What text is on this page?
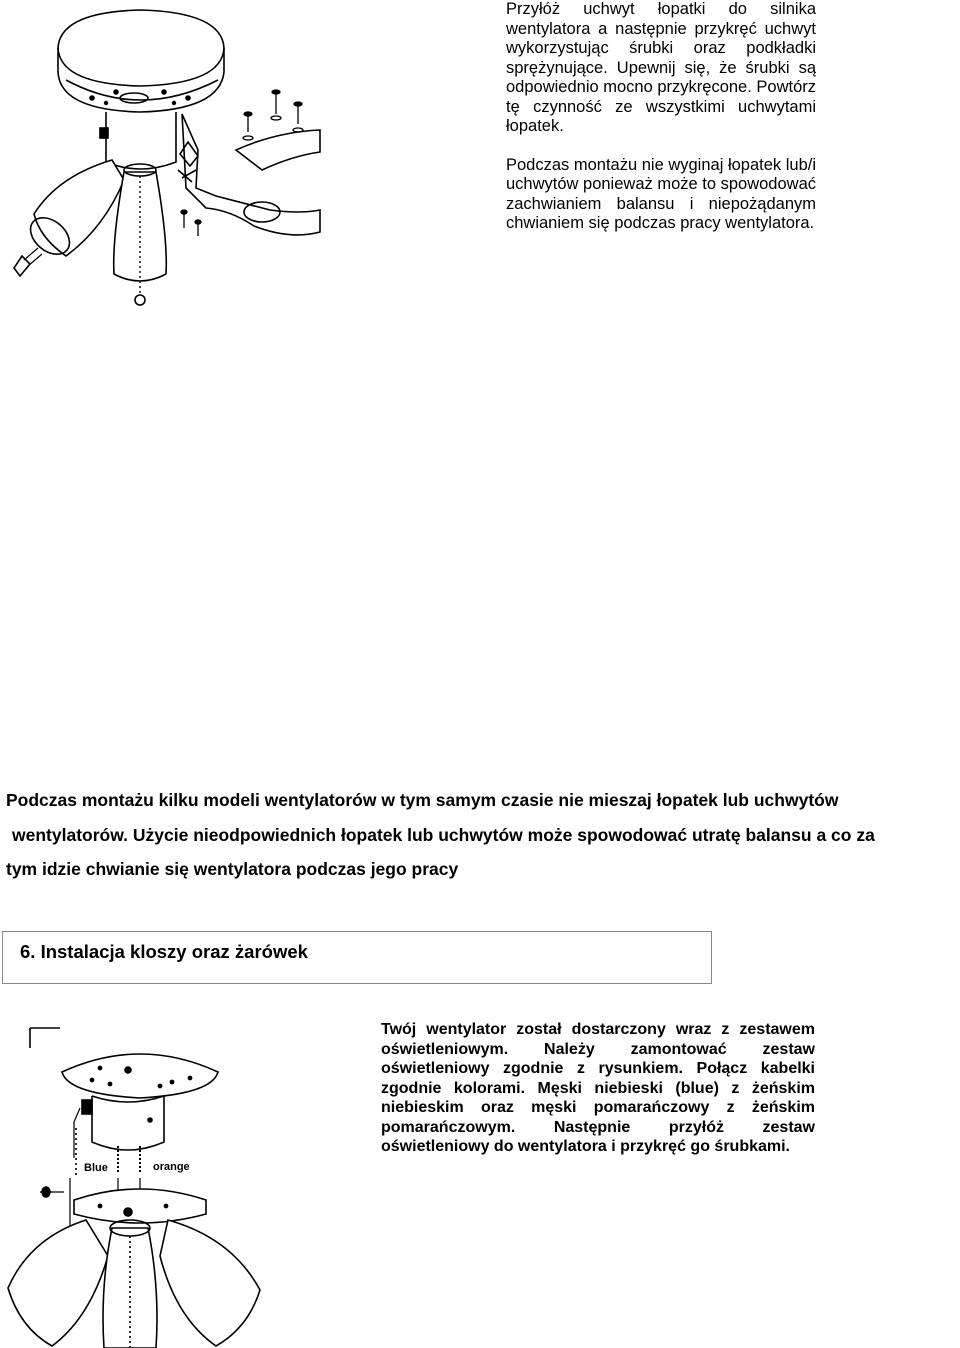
Przyłóż uchwyt łopatki do silnika wentylatora a następnie przykręć uchwyt wykorzystując śrubki oraz podkładki sprężynujące. Upewnij się, że śrubki są odpowiednio mocno przykręcone. Powtórz tę czynność ze wszystkimi uchwytami łopatek.

Podczas montażu nie wyginaj łopatek lub/i uchwytów ponieważ może to spowodować zachwianiem balansu i niepożądanym chwianiem się podczas pracy wentylatora.

Podczas montażu kilku modeli wentylatorów w tym samym czasie nie mieszaj łopatek lub uchwytów
wentylatorów. Użycie nieodpowiednich łopatek lub uchwytów może spowodować utratę balansu a co za
tym idzie chwianie się wentylatora podczas jego pracy
6. Instalacja kloszy oraz żarówek
Blue	orange
Twój wentylator został dostarczony wraz z zestawem oświetleniowym. Należy zamontować zestaw oświetleniowy zgodnie z rysunkiem. Połącz kabelki zgodnie kolorami. Męski niebieski (blue) z żeńskim niebieskim oraz męski pomarańczowy z żeńskim pomarańczowym. Następnie przyłóż zestaw oświetleniowy do wentylatora i przykręć go śrubkami.
